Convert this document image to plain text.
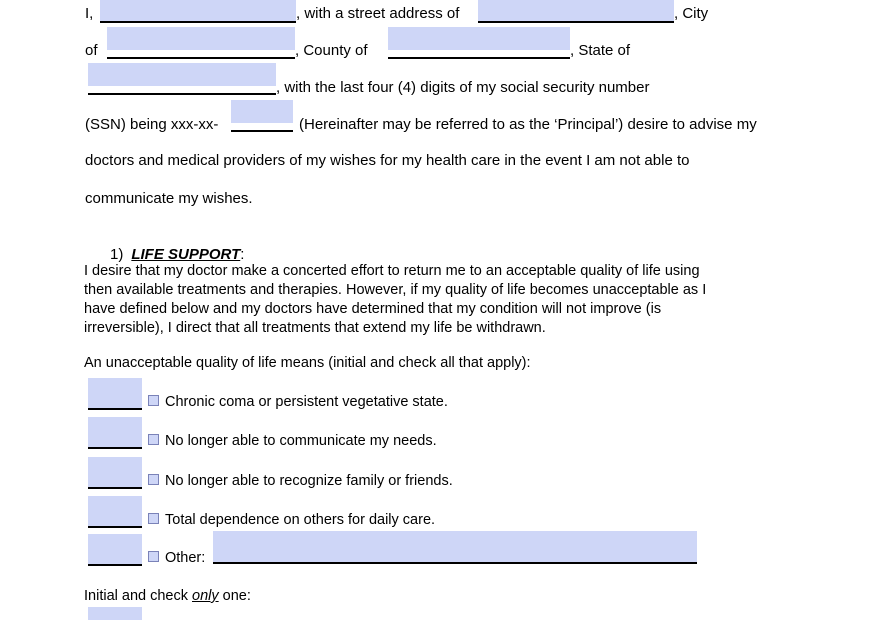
I,	, with a street address of	, City
of	, County of	, State of
, with the last four (4) digits of my social security number
(SSN) being xxx-xx-	(Hereinafter may be referred to as the ‘Principal’) desire to advise my
doctors and medical providers of my wishes for my health care in the event I am not able to
communicate my wishes.
1) LIFE SUPPORT:
I desire that my doctor make a concerted effort to return me to an acceptable quality of life using
then available treatments and therapies. However, if my quality of life becomes unacceptable as I
have defined below and my doctors have determined that my condition will not improve (is
irreversible), I direct that all treatments that extend my life be withdrawn.
An unacceptable quality of life means (initial and check all that apply):
Chronic coma or persistent vegetative state.
No longer able to communicate my needs.
No longer able to recognize family or friends.
Total dependence on others for daily care.
Other:
Initial and check only one:
